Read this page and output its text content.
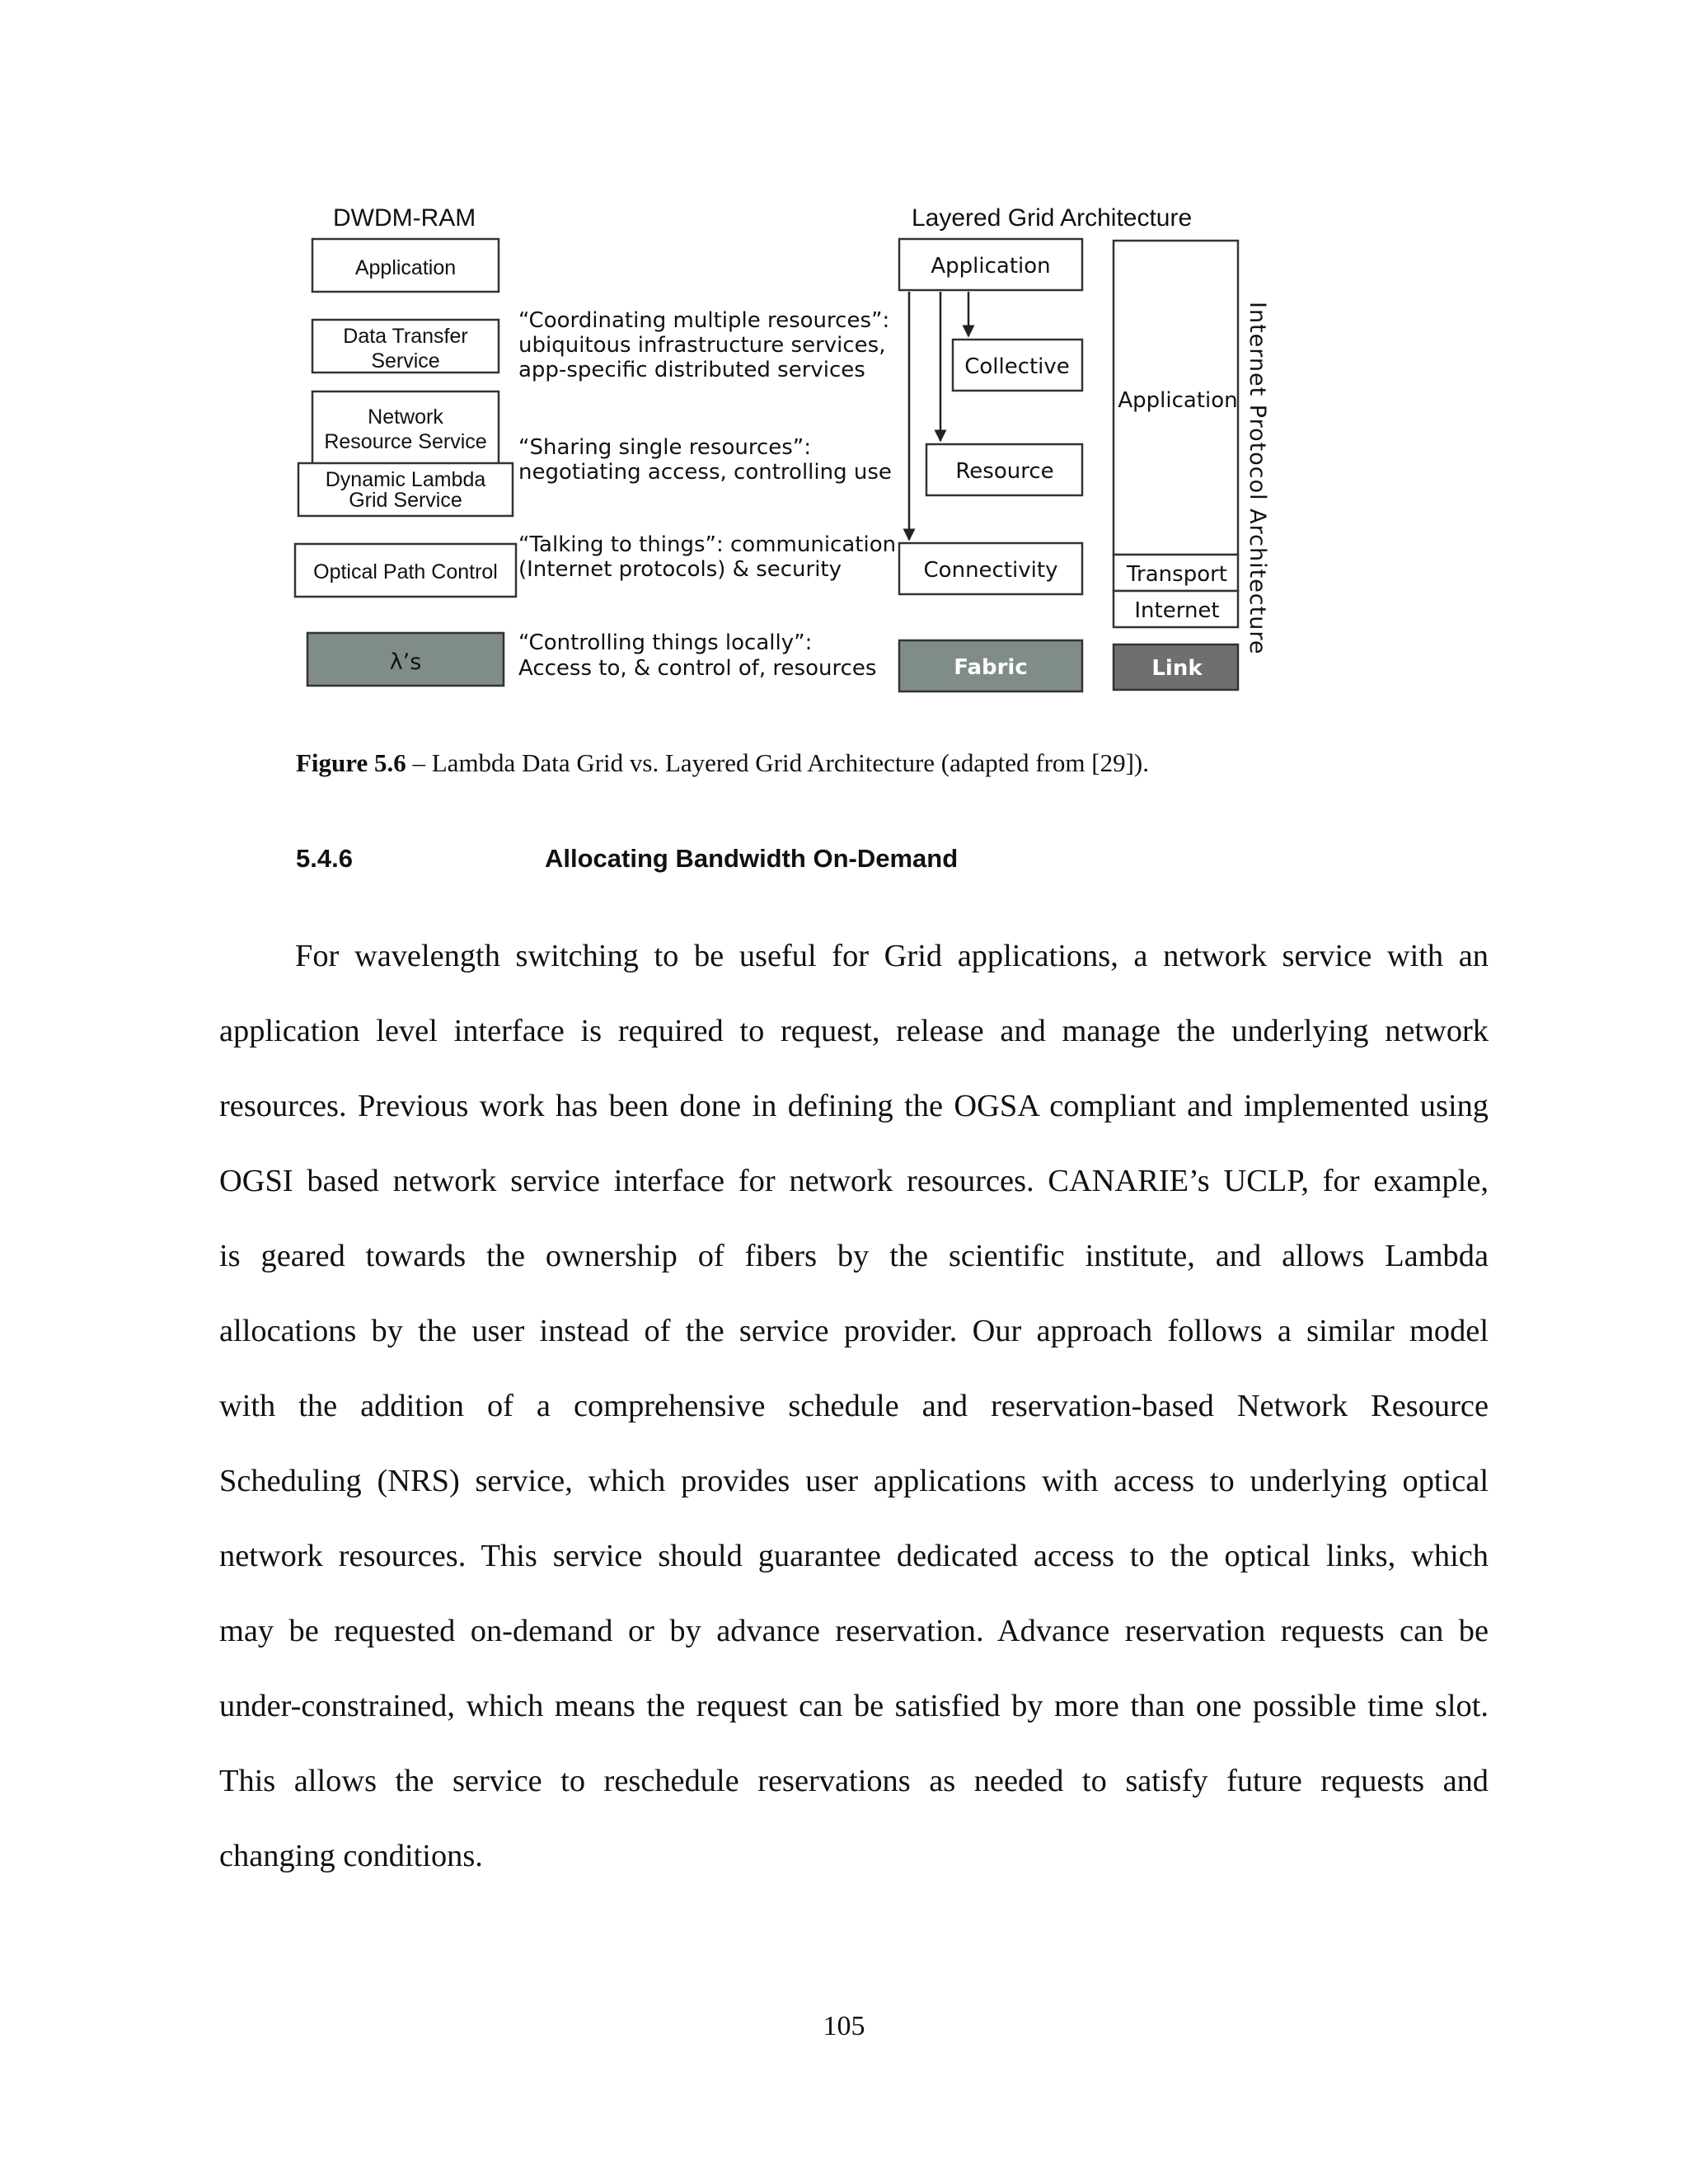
DWDM-RAM	Layered Grid Architecture
Application
Data Transfer
Service
Network
Resource Service
Dynamic Lambda
Grid Service
Optical Path Control
λ’s
“Coordinating multiple resources”:
ubiquitous infrastructure services,
app-specific distributed services
“Sharing single resources”:
negotiating access, controlling use
“Talking to things”: communication
(Internet protocols) & security
“Controlling things locally”:
Access to, & control of, resources
Application
Collective
Resource
Connectivity
Fabric
Application
Transport
Internet
Link
Internet Protocol Architecture
Figure 5.6 – Lambda Data Grid vs. Layered Grid Architecture (adapted from [29]).
5.4.6	Allocating Bandwidth On-Demand
For wavelength switching to be useful for Grid applications, a network service with an
application level interface is required to request, release and manage the underlying network
resources. Previous work has been done in defining the OGSA compliant and implemented using
OGSI based network service interface for network resources. CANARIE’s UCLP, for example,
is geared towards the ownership of fibers by the scientific institute, and allows Lambda
allocations by the user instead of the service provider. Our approach follows a similar model
with the addition of a comprehensive schedule and reservation-based Network Resource
Scheduling (NRS) service, which provides user applications with access to underlying optical
network resources. This service should guarantee dedicated access to the optical links, which
may be requested on-demand or by advance reservation. Advance reservation requests can be
under-constrained, which means the request can be satisfied by more than one possible time slot.
This allows the service to reschedule reservations as needed to satisfy future requests and
changing conditions.
105
